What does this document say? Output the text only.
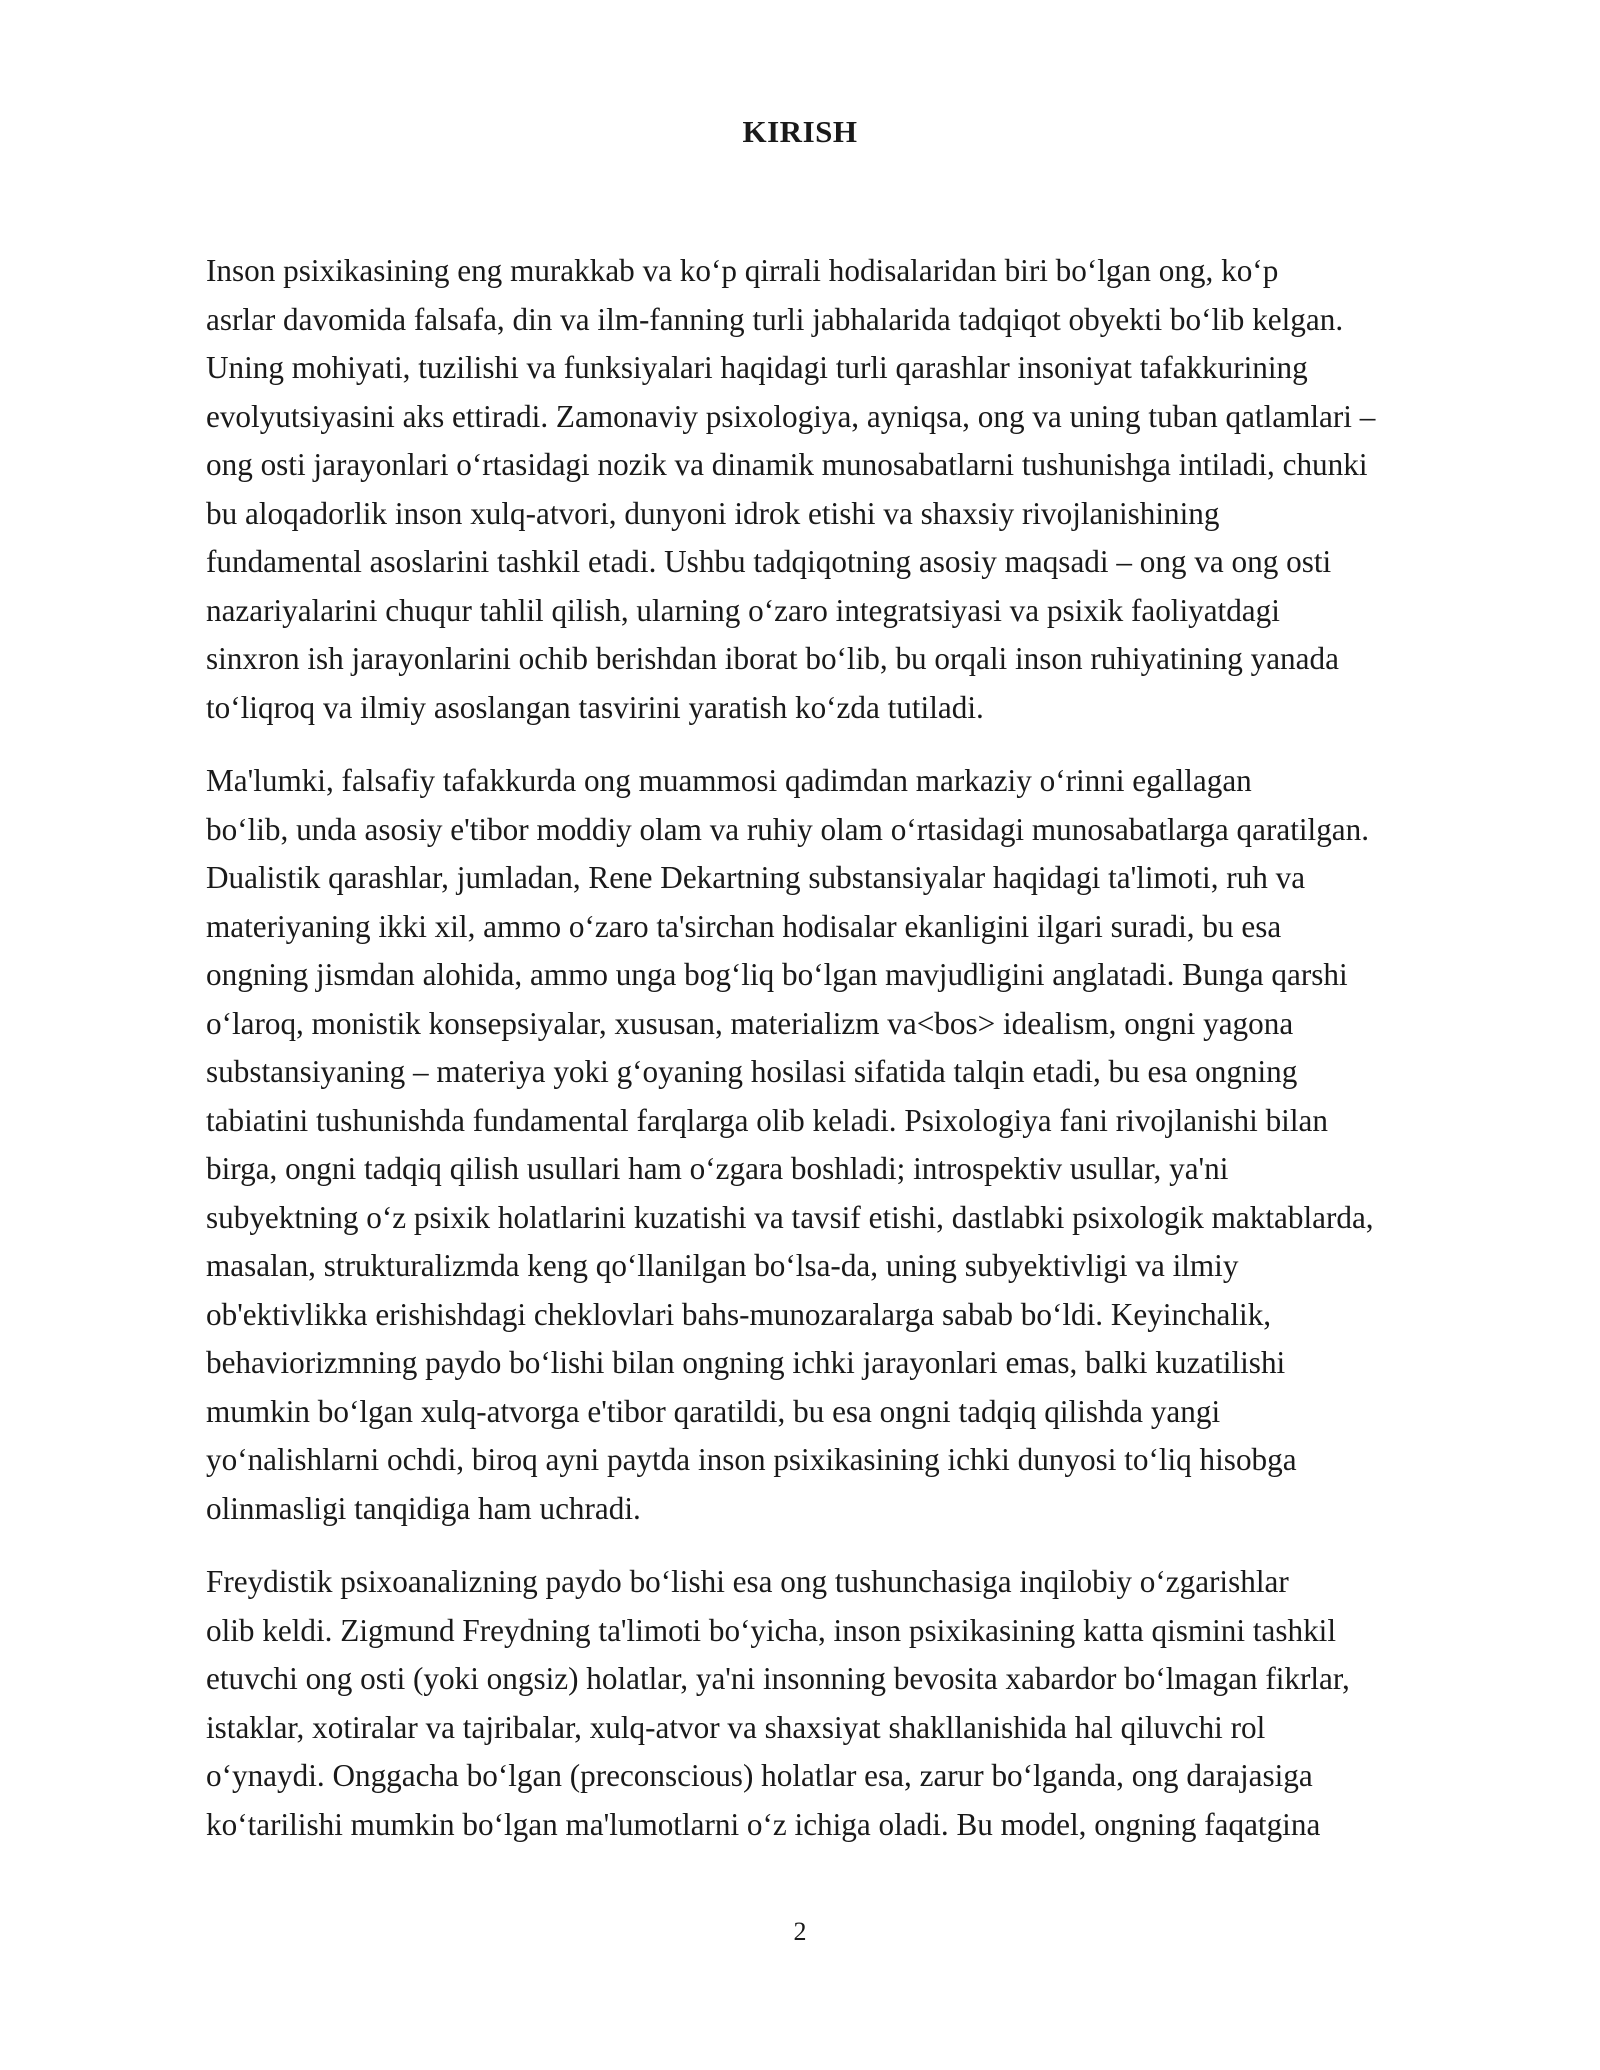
KIRISH

Inson psixikasining eng murakkab va koʻp qirrali hodisalaridan biri boʻlgan ong, koʻp
asrlar davomida falsafa, din va ilm-fanning turli jabhalarida tadqiqot obyekti boʻlib kelgan.
Uning mohiyati, tuzilishi va funksiyalari haqidagi turli qarashlar insoniyat tafakkurining
evolyutsiyasini aks ettiradi. Zamonaviy psixologiya, ayniqsa, ong va uning tuban qatlamlari –
ong osti jarayonlari oʻrtasidagi nozik va dinamik munosabatlarni tushunishga intiladi, chunki
bu aloqadorlik inson xulq-atvori, dunyoni idrok etishi va shaxsiy rivojlanishining
fundamental asoslarini tashkil etadi. Ushbu tadqiqotning asosiy maqsadi – ong va ong osti
nazariyalarini chuqur tahlil qilish, ularning oʻzaro integratsiyasi va psixik faoliyatdagi
sinxron ish jarayonlarini ochib berishdan iborat boʻlib, bu orqali inson ruhiyatining yanada
toʻliqroq va ilmiy asoslangan tasvirini yaratish koʻzda tutiladi.

Ma'lumki, falsafiy tafakkurda ong muammosi qadimdan markaziy oʻrinni egallagan
boʻlib, unda asosiy e'tibor moddiy olam va ruhiy olam oʻrtasidagi munosabatlarga qaratilgan.
Dualistik qarashlar, jumladan, Rene Dekartning substansiyalar haqidagi ta'limoti, ruh va
materiyaning ikki xil, ammo oʻzaro ta'sirchan hodisalar ekanligini ilgari suradi, bu esa
ongning jismdan alohida, ammo unga bogʻliq boʻlgan mavjudligini anglatadi. Bunga qarshi
oʻlaroq, monistik konsepsiyalar, xususan, materializm va<bos> idealism, ongni yagona
substansiyaning – materiya yoki gʻoyaning hosilasi sifatida talqin etadi, bu esa ongning
tabiatini tushunishda fundamental farqlarga olib keladi. Psixologiya fani rivojlanishi bilan
birga, ongni tadqiq qilish usullari ham oʻzgara boshladi; introspektiv usullar, ya'ni
subyektning oʻz psixik holatlarini kuzatishi va tavsif etishi, dastlabki psixologik maktablarda,
masalan, strukturalizmda keng qoʻllanilgan boʻlsa-da, uning subyektivligi va ilmiy
ob'ektivlikka erishishdagi cheklovlari bahs-munozaralarga sabab boʻldi. Keyinchalik,
behaviorizmning paydo boʻlishi bilan ongning ichki jarayonlari emas, balki kuzatilishi
mumkin boʻlgan xulq-atvorga e'tibor qaratildi, bu esa ongni tadqiq qilishda yangi
yoʻnalishlarni ochdi, biroq ayni paytda inson psixikasining ichki dunyosi toʻliq hisobga
olinmasligi tanqidiga ham uchradi.

Freydistik psixoanalizning paydo boʻlishi esa ong tushunchasiga inqilobiy oʻzgarishlar
olib keldi. Zigmund Freydning ta'limoti boʻyicha, inson psixikasining katta qismini tashkil
etuvchi ong osti (yoki ongsiz) holatlar, ya'ni insonning bevosita xabardor boʻlmagan fikrlar,
istaklar, xotiralar va tajribalar, xulq-atvor va shaxsiyat shakllanishida hal qiluvchi rol
oʻynaydi. Onggacha boʻlgan (preconscious) holatlar esa, zarur boʻlganda, ong darajasiga
koʻtarilishi mumkin boʻlgan ma'lumotlarni oʻz ichiga oladi. Bu model, ongning faqatgina

2
